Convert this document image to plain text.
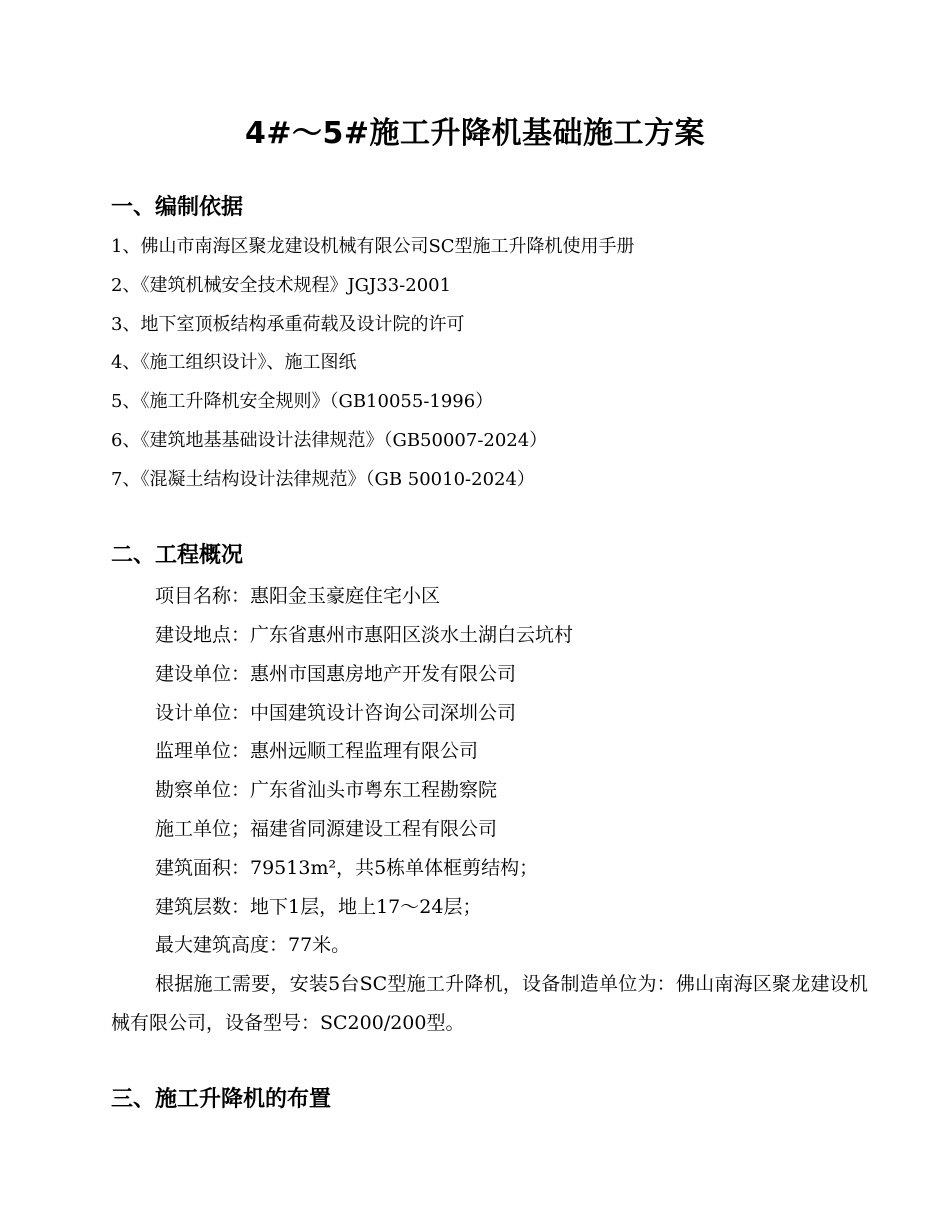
4#～5#施工升降机基础施工方案
一、编制依据
1、佛山市南海区聚龙建设机械有限公司SC型施工升降机使用手册
2、《建筑机械安全技术规程》JGJ33-2001
3、地下室顶板结构承重荷载及设计院的许可
4、《施工组织设计》、施工图纸
5、《施工升降机安全规则》（GB10055-1996）
6、《建筑地基基础设计法律规范》（GB50007-2024）
7、《混凝土结构设计法律规范》（GB 50010-2024）
二、工程概况
项目名称：惠阳金玉豪庭住宅小区
建设地点：广东省惠州市惠阳区淡水土湖白云坑村
建设单位：惠州市国惠房地产开发有限公司
设计单位：中国建筑设计咨询公司深圳公司
监理单位：惠州远顺工程监理有限公司
勘察单位：广东省汕头市粤东工程勘察院
施工单位；福建省同源建设工程有限公司
建筑面积：79513m²，共5栋单体框剪结构；
建筑层数：地下1层，地上17～24层；
最大建筑高度：77米。
根据施工需要，安装5台SC型施工升降机，设备制造单位为：佛山南海区聚龙建设机械有限公司，设备型号：SC200/200型。
三、施工升降机的布置
